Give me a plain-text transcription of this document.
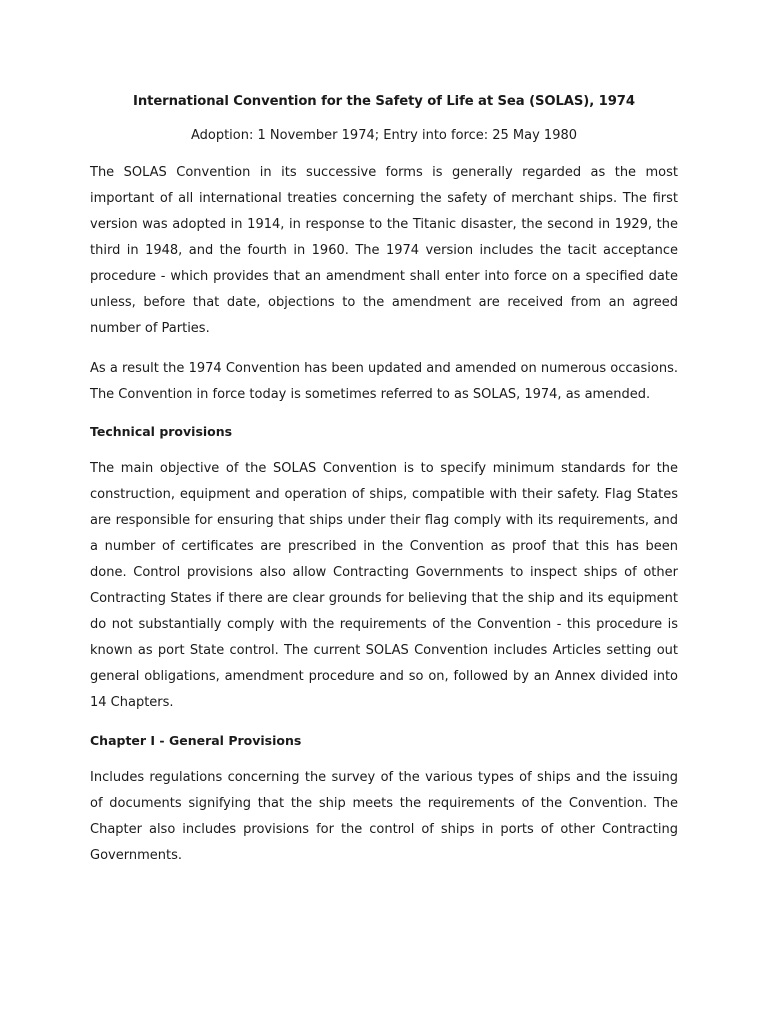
International Convention for the Safety of Life at Sea (SOLAS), 1974

Adoption: 1 November 1974; Entry into force: 25 May 1980

The SOLAS Convention in its successive forms is generally regarded as the most important of all international treaties concerning the safety of merchant ships. The first version was adopted in 1914, in response to the Titanic disaster, the second in 1929, the third in 1948, and the fourth in 1960. The 1974 version includes the tacit acceptance procedure - which provides that an amendment shall enter into force on a specified date unless, before that date, objections to the amendment are received from an agreed number of Parties.

As a result the 1974 Convention has been updated and amended on numerous occasions. The Convention in force today is sometimes referred to as SOLAS, 1974, as amended.

Technical provisions

The main objective of the SOLAS Convention is to specify minimum standards for the construction, equipment and operation of ships, compatible with their safety. Flag States are responsible for ensuring that ships under their flag comply with its requirements, and a number of certificates are prescribed in the Convention as proof that this has been done. Control provisions also allow Contracting Governments to inspect ships of other Contracting States if there are clear grounds for believing that the ship and its equipment do not substantially comply with the requirements of the Convention - this procedure is known as port State control. The current SOLAS Convention includes Articles setting out general obligations, amendment procedure and so on, followed by an Annex divided into 14 Chapters.

Chapter I - General Provisions

Includes regulations concerning the survey of the various types of ships and the issuing of documents signifying that the ship meets the requirements of the Convention. The Chapter also includes provisions for the control of ships in ports of other Contracting Governments.
